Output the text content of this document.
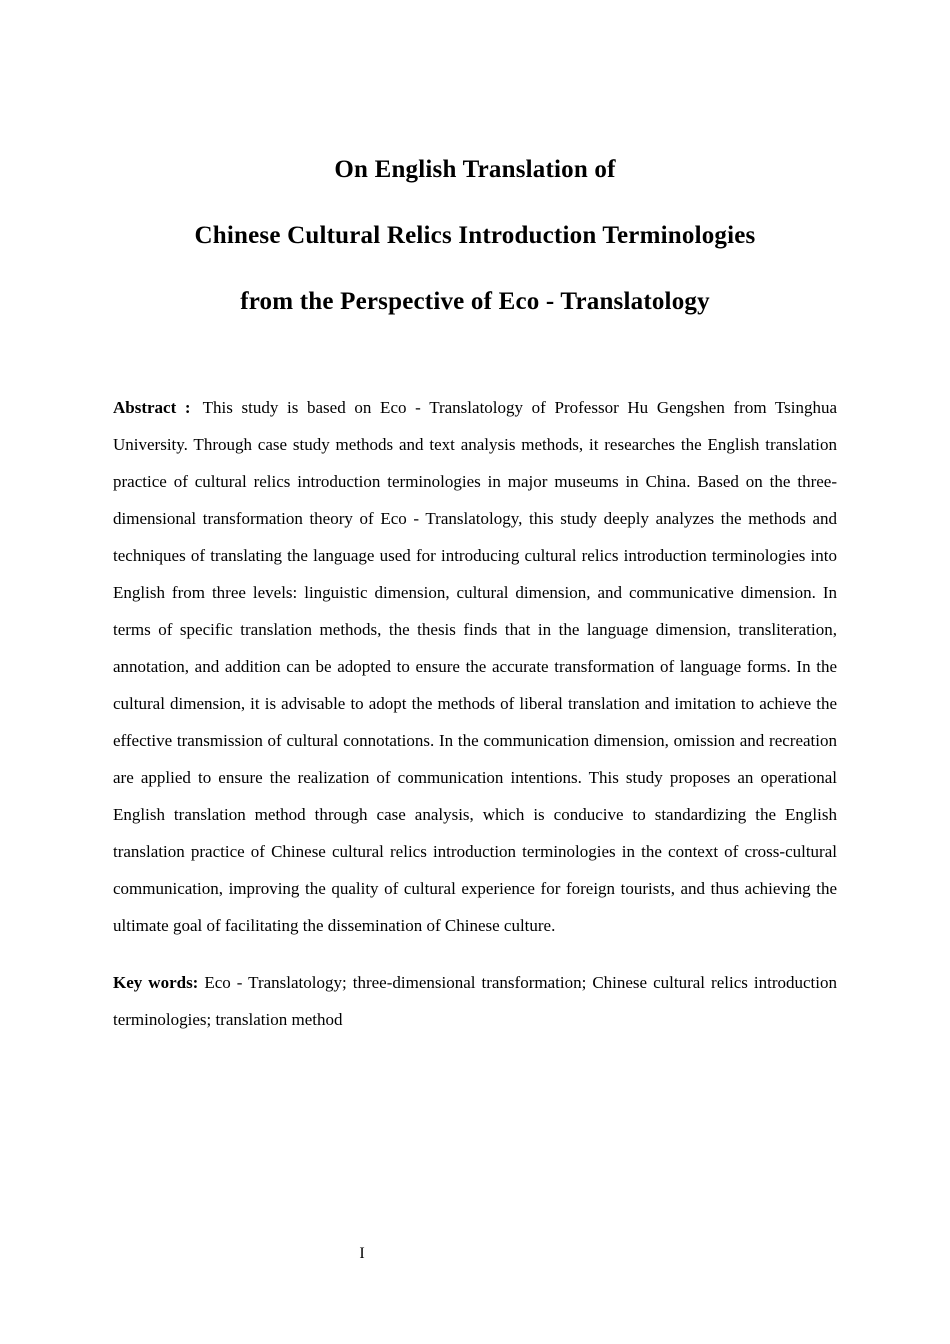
On English Translation of
Chinese Cultural Relics Introduction Terminologies
from the Perspective of Eco - Translatology

Abstract : This study is based on Eco - Translatology of Professor Hu Gengshen from Tsinghua University. Through case study methods and text analysis methods, it researches the English translation practice of cultural relics introduction terminologies in major museums in China. Based on the three-dimensional transformation theory of Eco - Translatology, this study deeply analyzes the methods and techniques of translating the language used for introducing cultural relics introduction terminologies into English from three levels: linguistic dimension, cultural dimension, and communicative dimension. In terms of specific translation methods, the thesis finds that in the language dimension, transliteration, annotation, and addition can be adopted to ensure the accurate transformation of language forms. In the cultural dimension, it is advisable to adopt the methods of liberal translation and imitation to achieve the effective transmission of cultural connotations. In the communication dimension, omission and recreation are applied to ensure the realization of communication intentions. This study proposes an operational English translation method through case analysis, which is conducive to standardizing the English translation practice of Chinese cultural relics introduction terminologies in the context of cross-cultural communication, improving the quality of cultural experience for foreign tourists, and thus achieving the ultimate goal of facilitating the dissemination of Chinese culture.

Key words: Eco - Translatology; three-dimensional transformation; Chinese cultural relics introduction terminologies; translation method

I
